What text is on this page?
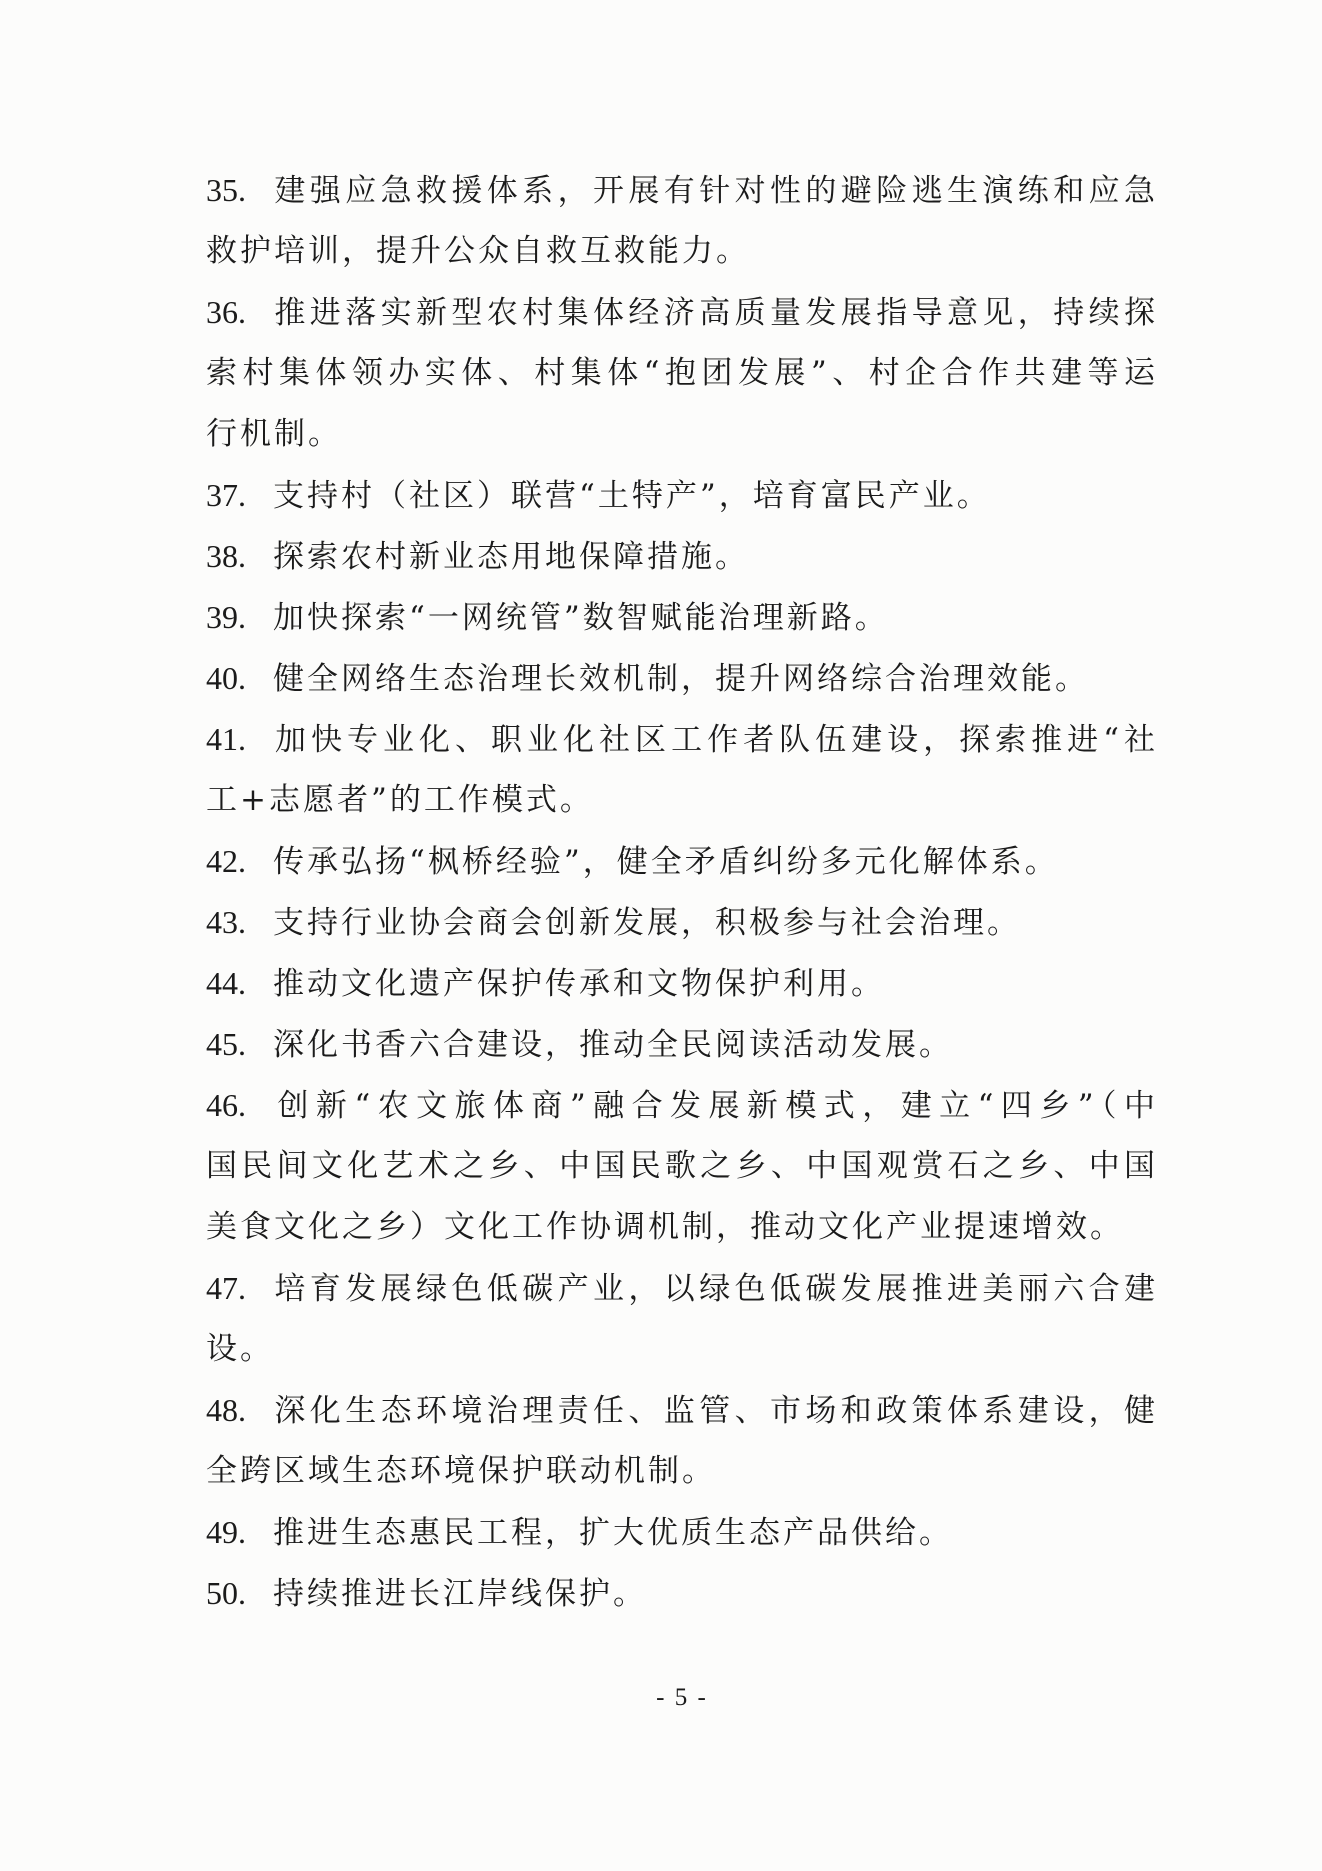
35. 建强应急救援体系，开展有针对性的避险逃生演练和应急
救护培训，提升公众自救互救能力。
36. 推进落实新型农村集体经济高质量发展指导意见，持续探
索村集体领办实体、村集体“抱团发展”、村企合作共建等运
行机制。
37. 支持村（社区）联营“土特产”，培育富民产业。
38. 探索农村新业态用地保障措施。
39. 加快探索“一网统管”数智赋能治理新路。
40. 健全网络生态治理长效机制，提升网络综合治理效能。
41. 加快专业化、职业化社区工作者队伍建设，探索推进“社
工+志愿者”的工作模式。
42. 传承弘扬“枫桥经验”，健全矛盾纠纷多元化解体系。
43. 支持行业协会商会创新发展，积极参与社会治理。
44. 推动文化遗产保护传承和文物保护利用。
45. 深化书香六合建设，推动全民阅读活动发展。
46. 创新“农文旅体商”融合发展新模式，建立“四乡”（中
国民间文化艺术之乡、中国民歌之乡、中国观赏石之乡、中国
美食文化之乡）文化工作协调机制，推动文化产业提速增效。
47. 培育发展绿色低碳产业，以绿色低碳发展推进美丽六合建
设。
48. 深化生态环境治理责任、监管、市场和政策体系建设，健
全跨区域生态环境保护联动机制。
49. 推进生态惠民工程，扩大优质生态产品供给。
50. 持续推进长江岸线保护。
- 5 -
